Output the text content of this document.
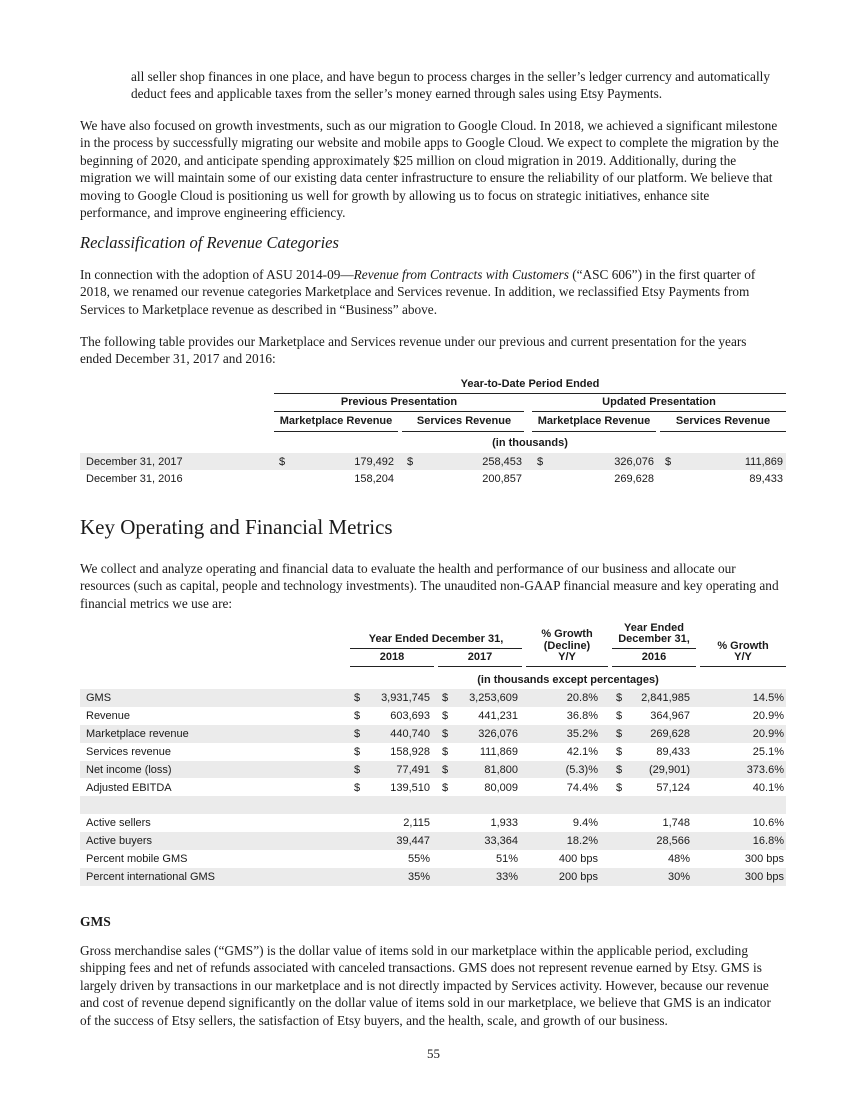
all seller shop finances in one place, and have begun to process charges in the seller’s ledger currency and automatically deduct fees and applicable taxes from the seller’s money earned through sales using Etsy Payments.

We have also focused on growth investments, such as our migration to Google Cloud. In 2018, we achieved a significant milestone in the process by successfully migrating our website and mobile apps to Google Cloud. We expect to complete the migration by the beginning of 2020, and anticipate spending approximately $25 million on cloud migration in 2019. Additionally, during the migration we will maintain some of our existing data center infrastructure to ensure the reliability of our platform. We believe that moving to Google Cloud is positioning us well for growth by allowing us to focus on strategic initiatives, enhance site performance, and improve engineering efficiency.

Reclassification of Revenue Categories

In connection with the adoption of ASU 2014-09—Revenue from Contracts with Customers (“ASC 606”) in the first quarter of 2018, we renamed our revenue categories Marketplace and Services revenue. In addition, we reclassified Etsy Payments from Services to Marketplace revenue as described in “Business” above.

The following table provides our Marketplace and Services revenue under our previous and current presentation for the years ended December 31, 2017 and 2016:

Year-to-Date Period Ended
Previous Presentation	Updated Presentation
Marketplace Revenue	Services Revenue	Marketplace Revenue	Services Revenue
(in thousands)
December 31, 2017	$	179,492 $	258,453 $	326,076 $	111,869
December 31, 2016	158,204	200,857	269,628	89,433
Key Operating and Financial Metrics

We collect and analyze operating and financial data to evaluate the health and performance of our business and allocate our resources (such as capital, people and technology investments). The unaudited non-GAAP financial measure and key operating and financial metrics we use are:

Year Ended December 31,
2018	2017
% Growth
(Decline)
Y/Y
Year Ended
December 31,
2016
% Growth
Y/Y
(in thousands except percentages)
GMS	$	3,931,745 $	3,253,609	20.8% $	2,841,985	14.5%
Revenue	$	603,693 $	441,231	36.8% $	364,967	20.9%
Marketplace revenue	$	440,740 $	326,076	35.2% $	269,628	20.9%
Services revenue	$	158,928 $	111,869	42.1% $	89,433	25.1%
Net income (loss)	$	77,491 $	81,800	(5.3)% $	(29,901)	373.6%
Adjusted EBITDA	$	139,510 $	80,009	74.4% $	57,124	40.1%
Active sellers	2,115	1,933	9.4%	1,748	10.6%
Active buyers	39,447	33,364	18.2%	28,566	16.8%
Percent mobile GMS	55%	51%	400 bps	48%	300 bps
Percent international GMS	35%	33%	200 bps	30%	300 bps
GMS

Gross merchandise sales (“GMS”) is the dollar value of items sold in our marketplace within the applicable period, excluding shipping fees and net of refunds associated with canceled transactions. GMS does not represent revenue earned by Etsy. GMS is largely driven by transactions in our marketplace and is not directly impacted by Services activity. However, because our revenue and cost of revenue depend significantly on the dollar value of items sold in our marketplace, we believe that GMS is an indicator of the success of Etsy sellers, the satisfaction of Etsy buyers, and the health, scale, and growth of our business.

55
